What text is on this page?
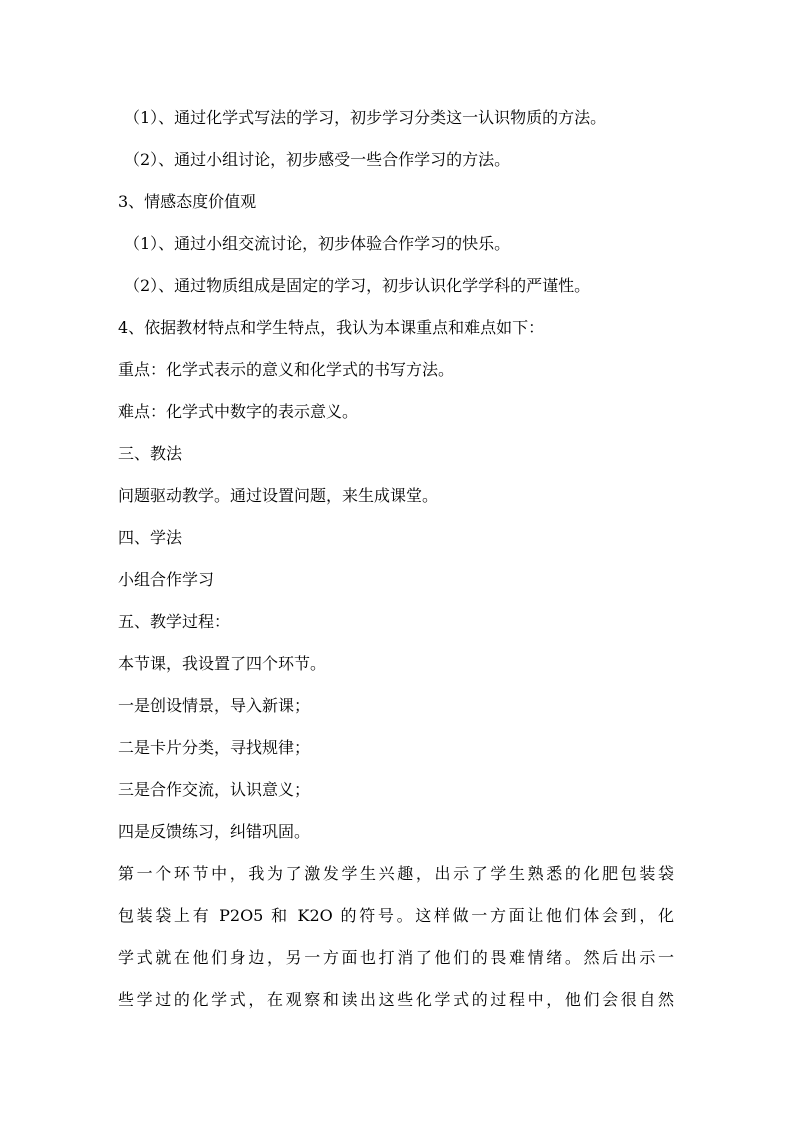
（1）、通过化学式写法的学习，初步学习分类这一认识物质的方法。
（2）、通过小组讨论，初步感受一些合作学习的方法。
3、情感态度价值观
（1）、通过小组交流讨论，初步体验合作学习的快乐。
（2）、通过物质组成是固定的学习，初步认识化学学科的严谨性。
4、依据教材特点和学生特点，我认为本课重点和难点如下：
重点：化学式表示的意义和化学式的书写方法。
难点：化学式中数字的表示意义。
三、教法
问题驱动教学。通过设置问题，来生成课堂。
四、学法
小组合作学习
五、教学过程：
本节课，我设置了四个环节。
一是创设情景，导入新课；
二是卡片分类，寻找规律；
三是合作交流，认识意义；
四是反馈练习，纠错巩固。
第一个环节中，我为了激发学生兴趣，出示了学生熟悉的化肥包装袋
包装袋上有 P2O5 和 K2O 的符号。这样做一方面让他们体会到，化
学式就在他们身边，另一方面也打消了他们的畏难情绪。然后出示一
些学过的化学式，在观察和读出这些化学式的过程中，他们会很自然
